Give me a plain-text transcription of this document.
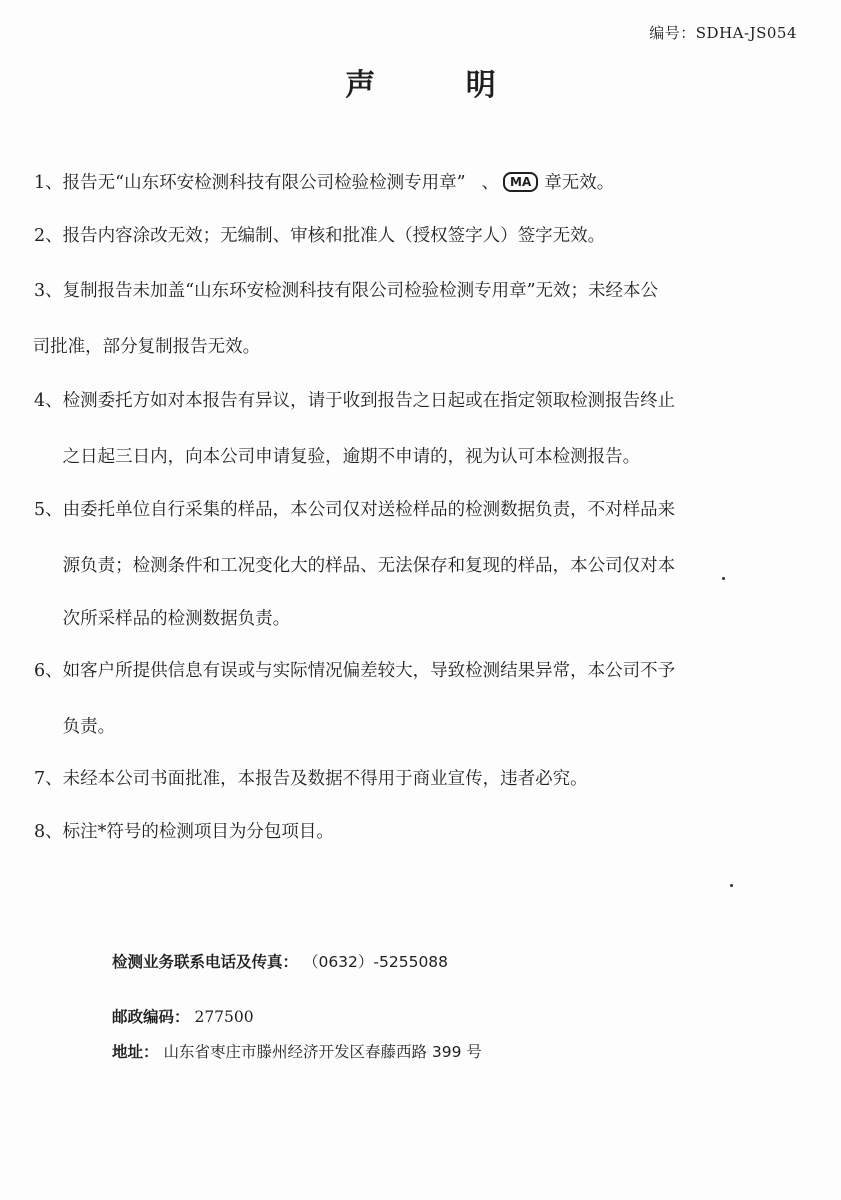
编号：SDHA-JS054
声 明
1、 报告无“山东环安检测科技有限公司检验检测专用章” 、 MA 章无效。
2、 报告内容涂改无效；无编制、审核和批准人（授权签字人）签字无效。
3、 复制报告未加盖“山东环安检测科技有限公司检验检测专用章”无效；未经本公
司批准，部分复制报告无效。
4、 检测委托方如对本报告有异议，请于收到报告之日起或在指定领取检测报告终止
之日起三日内，向本公司申请复验，逾期不申请的，视为认可本检测报告。
5、 由委托单位自行采集的样品，本公司仅对送检样品的检测数据负责，不对样品来
源负责；检测条件和工况变化大的样品、无法保存和复现的样品，本公司仅对本
次所采样品的检测数据负责。
6、 如客户所提供信息有误或与实际情况偏差较大，导致检测结果异常，本公司不予
负责。
7、 未经本公司书面批准，本报告及数据不得用于商业宣传，违者必究。
8、 标注*符号的检测项目为分包项目。
检测业务联系电话及传真： （0632）-5255088
邮政编码： 277500
地址： 山东省枣庄市滕州经济开发区春藤西路 399 号
